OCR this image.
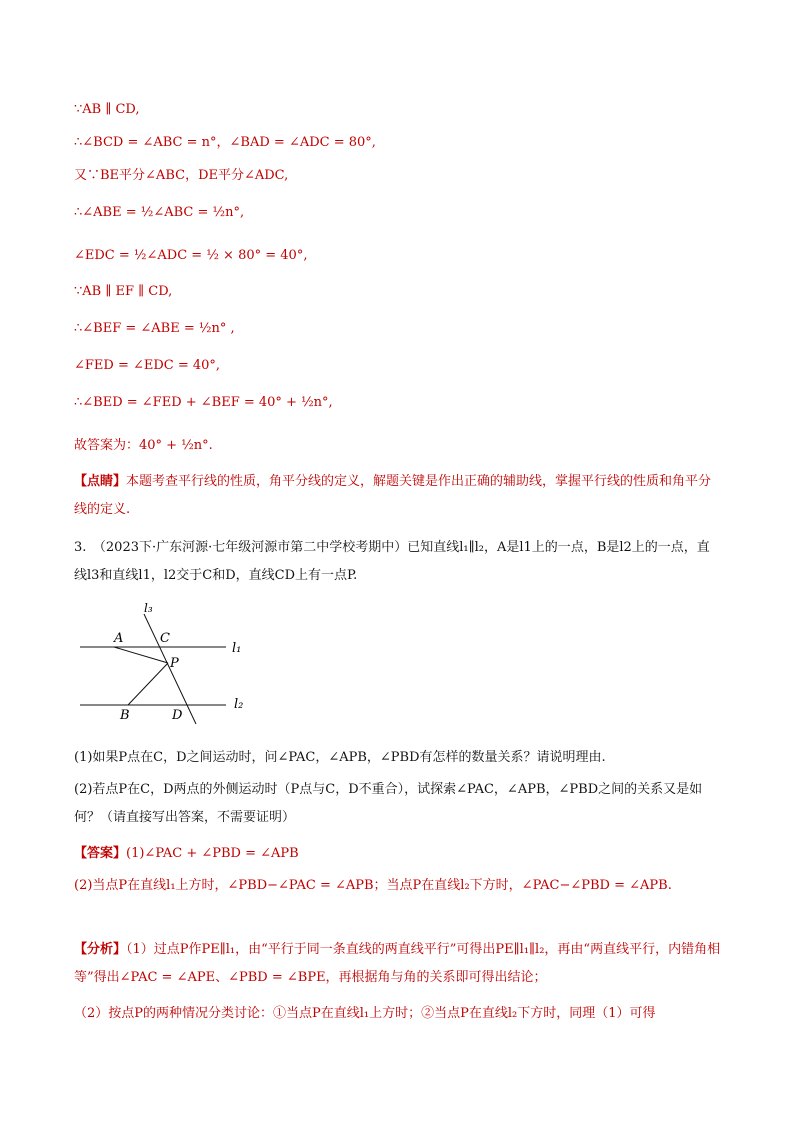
∵AB ∥ CD,
∴∠BCD = ∠ABC = n°，∠BAD = ∠ADC = 80°,
又∵BE平分∠ABC，DE平分∠ADC,
∴∠ABE = ½∠ABC = ½n°,
∠EDC = ½∠ADC = ½ × 80° = 40°,
∵AB ∥ EF ∥ CD,
∴∠BEF = ∠ABE = ½n° ,
∠FED = ∠EDC = 40°,
∴∠BED = ∠FED + ∠BEF = 40° + ½n°,
故答案为：40° + ½n°.
【点睛】本题考查平行线的性质，角平分线的定义，解题关键是作出正确的辅助线，掌握平行线的性质和角平分线的定义.
3.　（2023下·广东河源·七年级河源市第二中学校考期中）已知直线l₁∥l₂，A是l1上的一点，B是l2上的一点，直线l3和直线l1，l2交于C和D，直线CD上有一点P.
l₃
A	C
l₁
P
l₂
B	D
(1)如果P点在C，D之间运动时，问∠PAC，∠APB，∠PBD有怎样的数量关系？请说明理由.
(2)若点P在C，D两点的外侧运动时（P点与C，D不重合），试探索∠PAC，∠APB，∠PBD之间的关系又是如何？（请直接写出答案，不需要证明）
【答案】(1)∠PAC + ∠PBD = ∠APB
(2)当点P在直线l₁上方时，∠PBD−∠PAC = ∠APB；当点P在直线l₂下方时，∠PAC−∠PBD = ∠APB.
【分析】（1）过点P作PE∥l₁，由“平行于同一条直线的两直线平行”可得出PE∥l₁∥l₂，再由“两直线平行，内错角相等”得出∠PAC = ∠APE、∠PBD = ∠BPE，再根据角与角的关系即可得出结论；
（2）按点P的两种情况分类讨论：①当点P在直线l₁上方时；②当点P在直线l₂下方时，同理（1）可得
